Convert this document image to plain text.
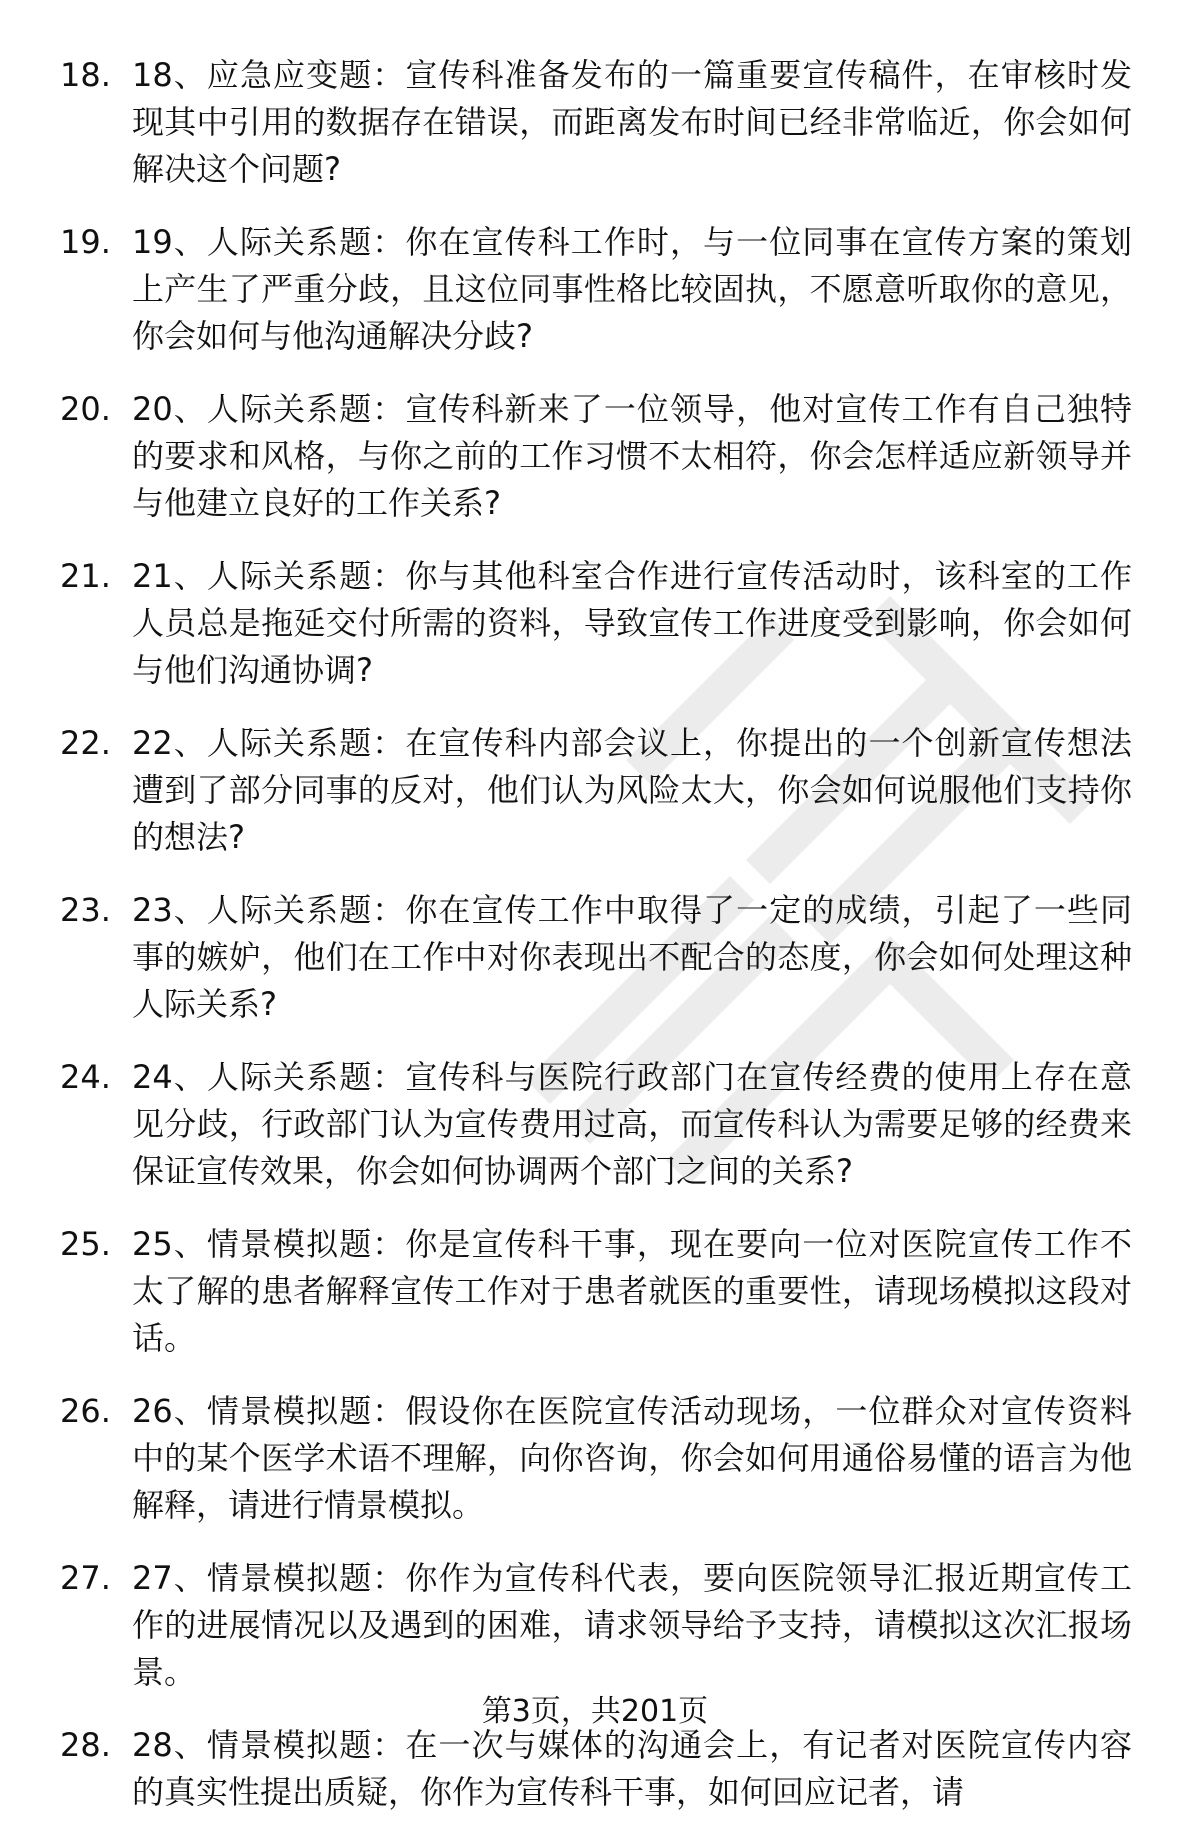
18. 18、应急应变题：宣传科准备发布的一篇重要宣传稿件，在审核时发现其中引用的数据存在错误，而距离发布时间已经非常临近，你会如何解决这个问题?
19. 19、人际关系题：你在宣传科工作时，与一位同事在宣传方案的策划上产生了严重分歧，且这位同事性格比较固执，不愿意听取你的意见，你会如何与他沟通解决分歧?
20. 20、人际关系题：宣传科新来了一位领导，他对宣传工作有自己独特的要求和风格，与你之前的工作习惯不太相符，你会怎样适应新领导并与他建立良好的工作关系?
21. 21、人际关系题：你与其他科室合作进行宣传活动时，该科室的工作人员总是拖延交付所需的资料，导致宣传工作进度受到影响，你会如何与他们沟通协调?
22. 22、人际关系题：在宣传科内部会议上，你提出的一个创新宣传想法遭到了部分同事的反对，他们认为风险太大，你会如何说服他们支持你的想法?
23. 23、人际关系题：你在宣传工作中取得了一定的成绩，引起了一些同事的嫉妒，他们在工作中对你表现出不配合的态度，你会如何处理这种人际关系?
24. 24、人际关系题：宣传科与医院行政部门在宣传经费的使用上存在意见分歧，行政部门认为宣传费用过高，而宣传科认为需要足够的经费来保证宣传效果，你会如何协调两个部门之间的关系?
25. 25、情景模拟题：你是宣传科干事，现在要向一位对医院宣传工作不太了解的患者解释宣传工作对于患者就医的重要性，请现场模拟这段对话。
26. 26、情景模拟题：假设你在医院宣传活动现场，一位群众对宣传资料中的某个医学术语不理解，向你咨询，你会如何用通俗易懂的语言为他解释，请进行情景模拟。
27. 27、情景模拟题：你作为宣传科代表，要向医院领导汇报近期宣传工作的进展情况以及遇到的困难，请求领导给予支持，请模拟这次汇报场景。
28. 28、情景模拟题：在一次与媒体的沟通会上，有记者对医院宣传内容的真实性提出质疑，你作为宣传科干事，如何回应记者，请
第3页，共201页
